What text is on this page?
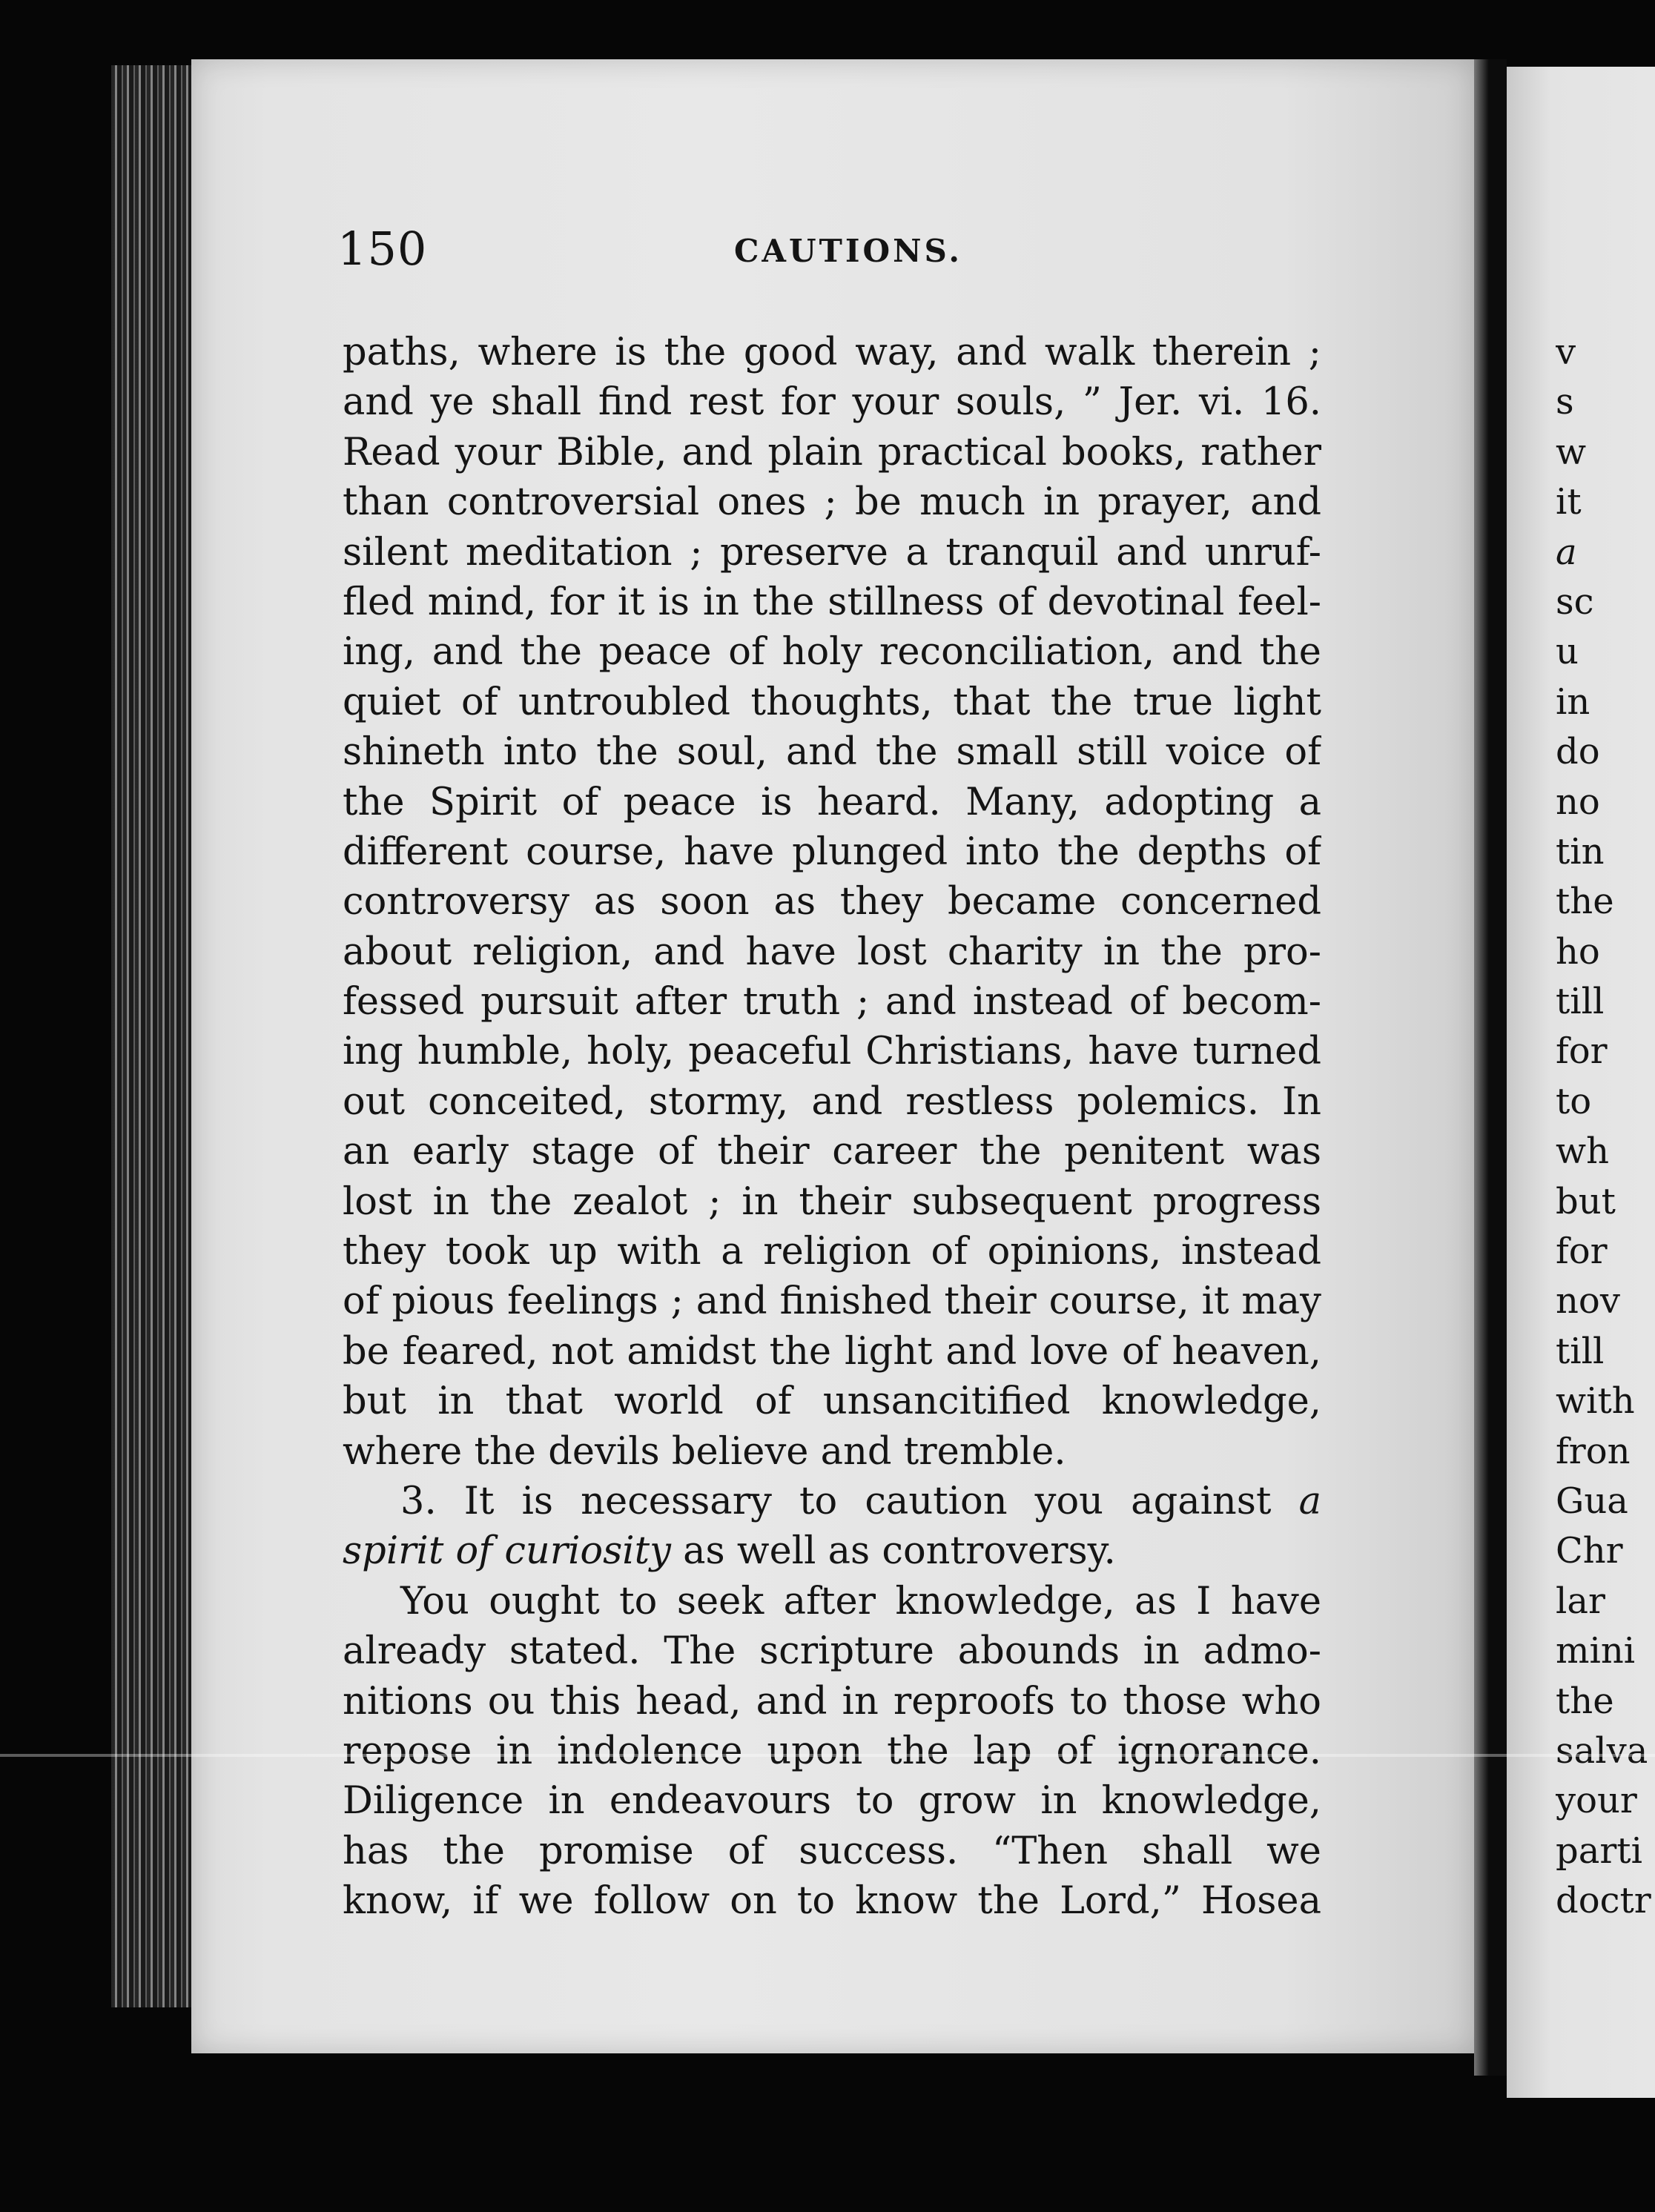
150	CAUTIONS.
paths, where is the good way, and walk therein ;
and ye shall find rest for your souls, ” Jer. vi. 16.
Read your Bible, and plain practical books, rather
than controversial ones ; be much in prayer, and
silent meditation ; preserve a tranquil and unruf-
fled mind, for it is in the stillness of devotinal feel-
ing, and the peace of holy reconciliation, and the
quiet of untroubled thoughts, that the true light
shineth into the soul, and the small still voice of
the Spirit of peace is heard. Many, adopting a
different course, have plunged into the depths of
controversy as soon as they became concerned
about religion, and have lost charity in the pro-
fessed pursuit after truth ; and instead of becom-
ing humble, holy, peaceful Christians, have turned
out conceited, stormy, and restless polemics. In
an early stage of their career the penitent was
lost in the zealot ; in their subsequent progress
they took up with a religion of opinions, instead
of pious feelings ; and finished their course, it may
be feared, not amidst the light and love of heaven,
but in that world of unsancitified knowledge,
where the devils believe and tremble.
3. It is necessary to caution you against a
spirit of curiosity as well as controversy.
You ought to seek after knowledge, as I have
already stated. The scripture abounds in admo-
nitions ou this head, and in reproofs to those who
repose in indolence upon the lap of ignorance.
Diligence in endeavours to grow in knowledge,
has the promise of success. “Then shall we
know, if we follow on to know the Lord,” Hosea
v
s
w
it
a
sc
u
in
do
no
tin
the
ho
till
for
to
wh
but
for
nov
till
with
fron
Gua
Chr
lar
mini
the
salva
your
parti
doctr
